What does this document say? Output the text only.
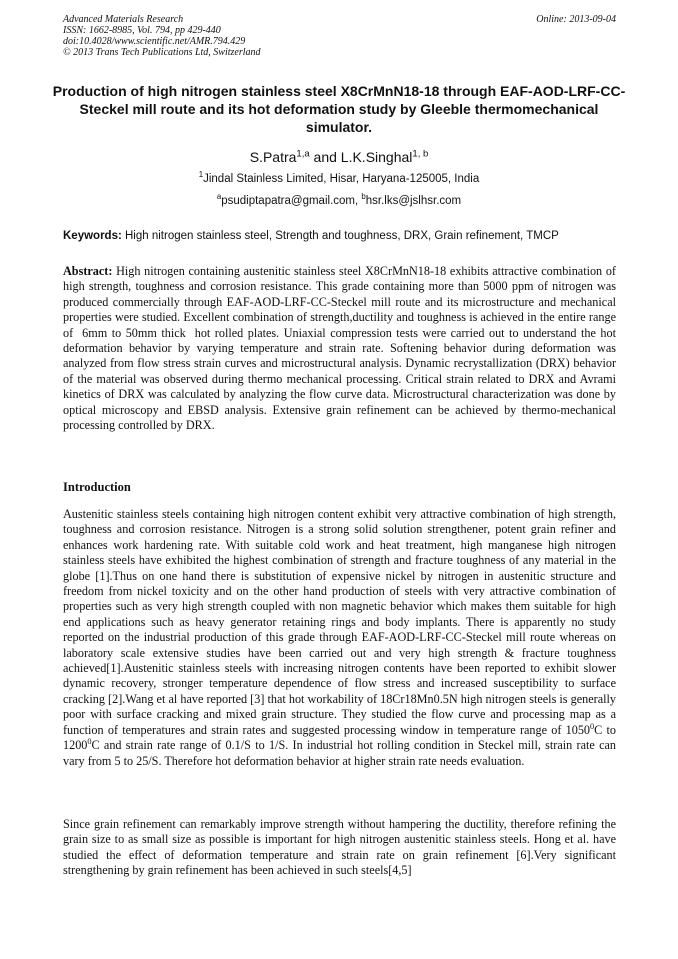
Advanced Materials Research
ISSN: 1662-8985, Vol. 794, pp 429-440
doi:10.4028/www.scientific.net/AMR.794.429
© 2013 Trans Tech Publications Ltd, Switzerland
Online: 2013-09-04
Production of high nitrogen stainless steel X8CrMnN18-18 through EAF-AOD-LRF-CC-Steckel mill route and its hot deformation study by Gleeble thermomechanical simulator.
S.Patra$^{1,a}$ and L.K.Singhal$^{1, b}$
$^1$Jindal Stainless Limited, Hisar, Haryana-125005, India
$^a$psudiptapatra@gmail.com, $^b$hsr.lks@jslhsr.com
Keywords: High nitrogen stainless steel, Strength and toughness, DRX, Grain refinement, TMCP

Abstract: High nitrogen containing austenitic stainless steel X8CrMnN18-18 exhibits attractive combination of high strength, toughness and corrosion resistance. This grade containing more than 5000 ppm of nitrogen was produced commercially through EAF-AOD-LRF-CC-Steckel mill route and its microstructure and mechanical properties were studied. Excellent combination of strength,ductility and toughness is achieved in the entire range of  6mm to 50mm thick  hot rolled plates. Uniaxial compression tests were carried out to understand the hot deformation behavior by varying temperature and strain rate. Softening behavior during deformation was analyzed from flow stress strain curves and microstructural analysis. Dynamic recrystallization (DRX) behavior of the material was observed during thermo mechanical processing. Critical strain related to DRX and Avrami kinetics of DRX was calculated by analyzing the flow curve data. Microstructural characterization was done by optical microscopy and EBSD analysis. Extensive grain refinement can be achieved by thermo-mechanical processing controlled by DRX.

Introduction

Austenitic stainless steels containing high nitrogen content exhibit very attractive combination of high strength, toughness and corrosion resistance. Nitrogen is a strong solid solution strengthener, potent grain refiner and enhances work hardening rate. With suitable cold work and heat treatment, high manganese high nitrogen stainless steels have exhibited the highest combination of strength and fracture toughness of any material in the globe [1].Thus on one hand there is substitution of expensive nickel by nitrogen in austenitic structure and freedom from nickel toxicity and on the other hand production of steels with very attractive combination of properties such as very high strength coupled with non magnetic behavior which makes them suitable for high end applications such as heavy generator retaining rings and body implants. There is apparently no study reported on the industrial production of this grade through EAF-AOD-LRF-CC-Steckel mill route whereas on laboratory scale extensive studies have been carried out and very high strength & fracture toughness achieved[1].Austenitic stainless steels with increasing nitrogen contents have been reported to exhibit slower dynamic recovery, stronger temperature dependence of flow stress and increased susceptibility to surface cracking [2].Wang et al have reported [3] that hot workability of 18Cr18Mn0.5N high nitrogen steels is generally poor with surface cracking and mixed grain structure. They studied the flow curve and processing map as a function of temperatures and strain rates and suggested processing window in temperature range of 1050$^0$C to 1200$^0$C and strain rate range of 0.1/S to 1/S. In industrial hot rolling condition in Steckel mill, strain rate can vary from 5 to 25/S. Therefore hot deformation behavior at higher strain rate needs evaluation.

Since grain refinement can remarkably improve strength without hampering the ductility, therefore refining the grain size to as small size as possible is important for high nitrogen austenitic stainless steels. Hong et al. have studied the effect of deformation temperature and strain rate on grain refinement [6].Very significant strengthening by grain refinement has been achieved in such steels[4,5]
